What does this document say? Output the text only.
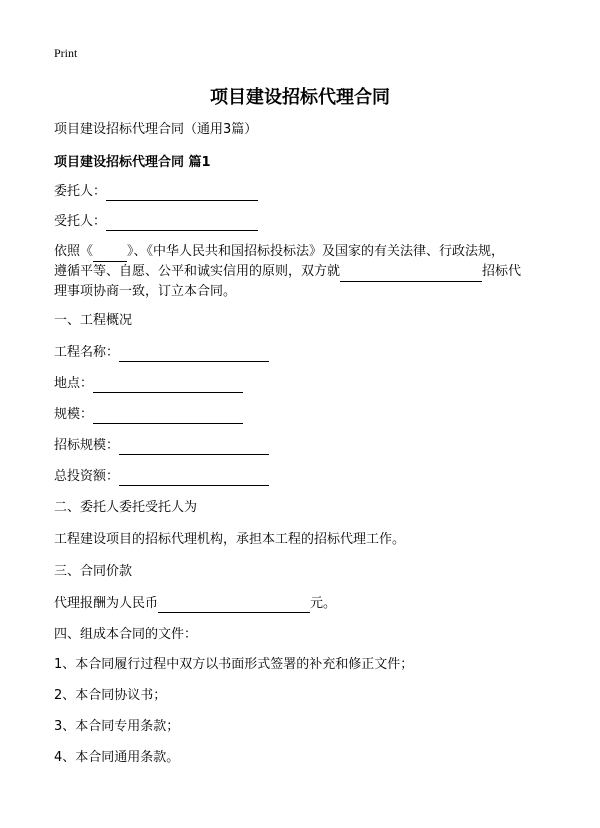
Print
项目建设招标代理合同
项目建设招标代理合同（通用3篇）
项目建设招标代理合同 篇1
委托人：
受托人：

依照《	》、《中华人民共和国招标投标法》及国家的有关法律、行政法规，

遵循平等、自愿、公平和诚实信用的原则，双方就	招标代

理事项协商一致，订立本合同。

一、工程概况
工程名称：
地点：
规模：
招标规模：
总投资额：
二、委托人委托受托人为
工程建设项目的招标代理机构，承担本工程的招标代理工作。
三、合同价款
代理报酬为人民币	元。
四、组成本合同的文件：
1、本合同履行过程中双方以书面形式签署的补充和修正文件；
2、本合同协议书；
3、本合同专用条款；
4、本合同通用条款。
